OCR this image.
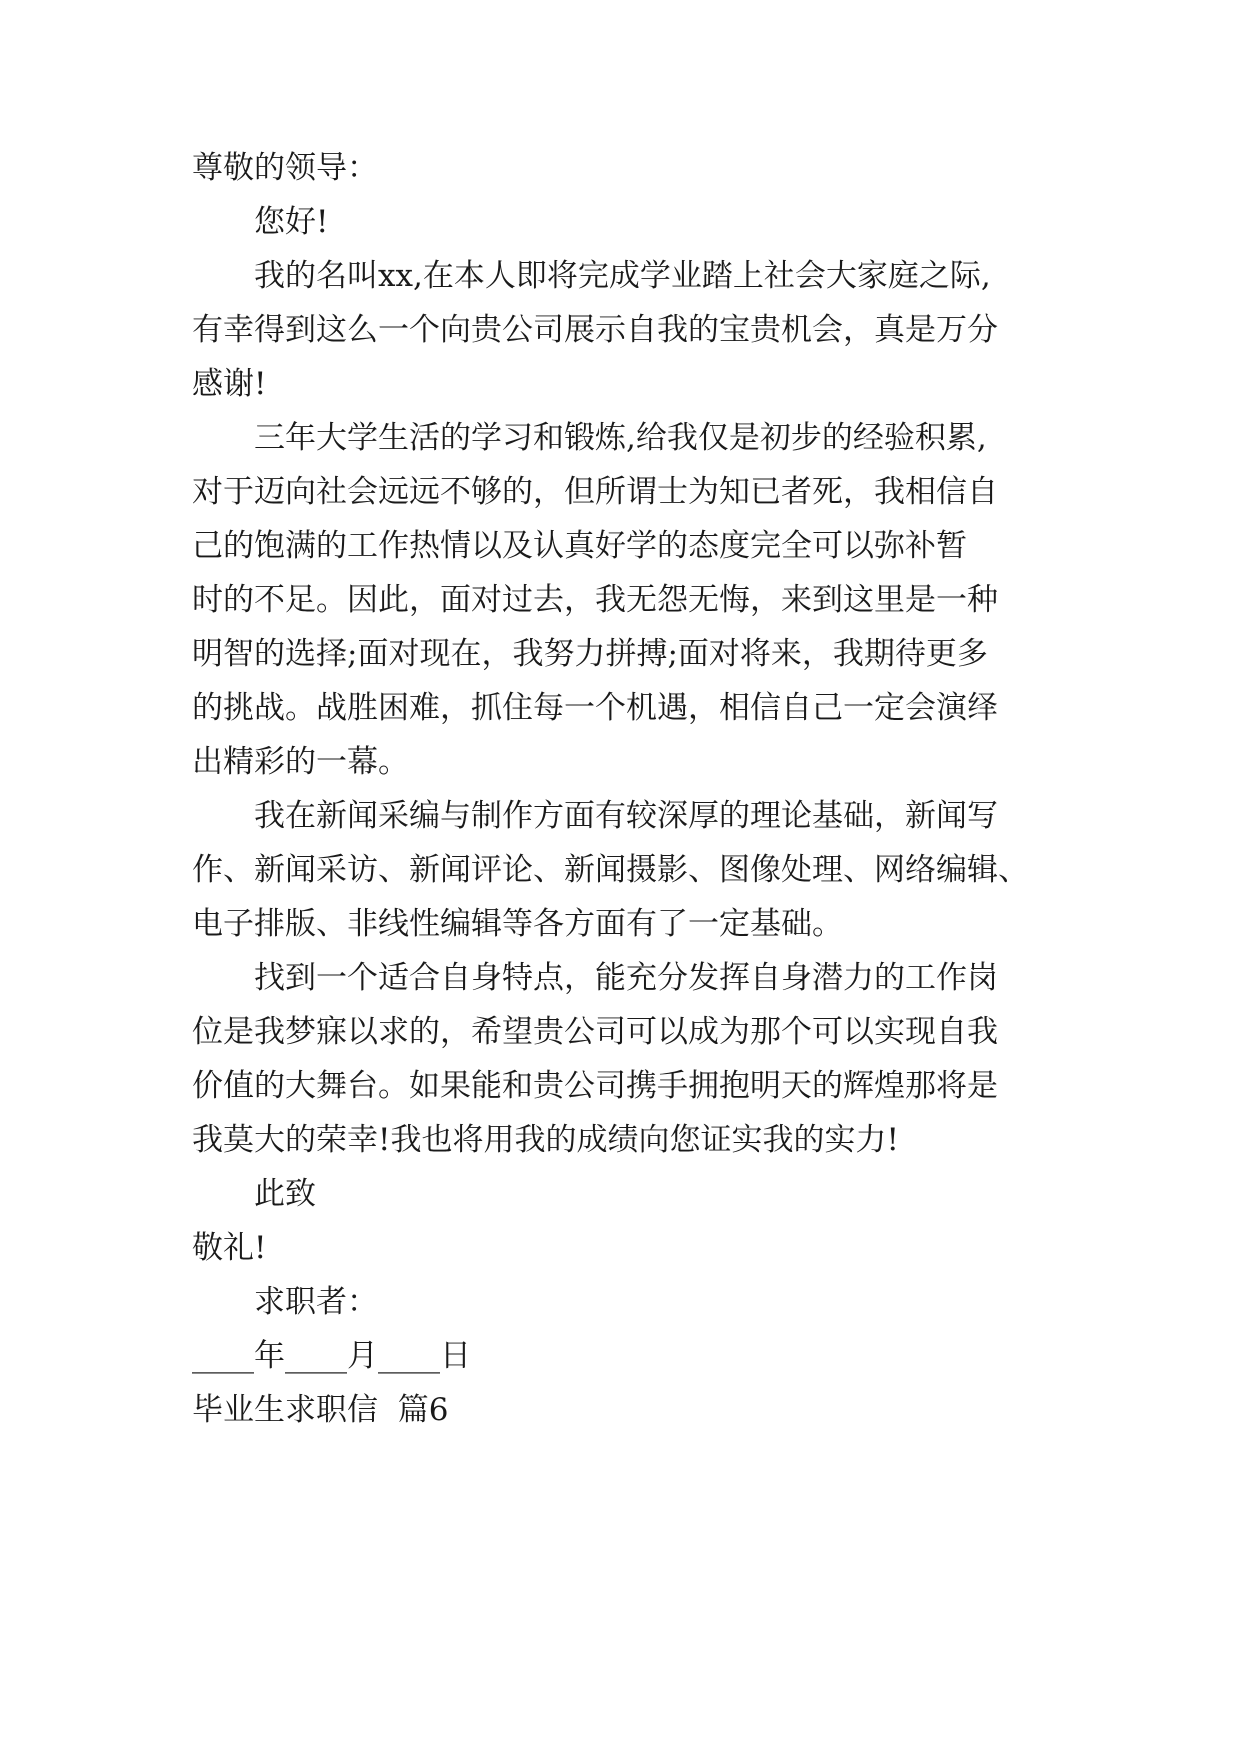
尊敬的领导：
您好!
我的名叫xx,在本人即将完成学业踏上社会大家庭之际,
有幸得到这么一个向贵公司展示自我的宝贵机会，真是万分
感谢!
三年大学生活的学习和锻炼,给我仅是初步的经验积累,
对于迈向社会远远不够的，但所谓士为知已者死，我相信自
己的饱满的工作热情以及认真好学的态度完全可以弥补暂
时的不足。因此，面对过去，我无怨无悔，来到这里是一种
明智的选择;面对现在，我努力拼搏;面对将来，我期待更多
的挑战。战胜困难，抓住每一个机遇，相信自己一定会演绎
出精彩的一幕。
我在新闻采编与制作方面有较深厚的理论基础，新闻写
作、新闻采访、新闻评论、新闻摄影、图像处理、网络编辑、
电子排版、非线性编辑等各方面有了一定基础。
找到一个适合自身特点，能充分发挥自身潜力的工作岗
位是我梦寐以求的，希望贵公司可以成为那个可以实现自我
价值的大舞台。如果能和贵公司携手拥抱明天的辉煌那将是
我莫大的荣幸!我也将用我的成绩向您证实我的实力!
此致
敬礼!
求职者：
____年____月____日
毕业生求职信  篇6
